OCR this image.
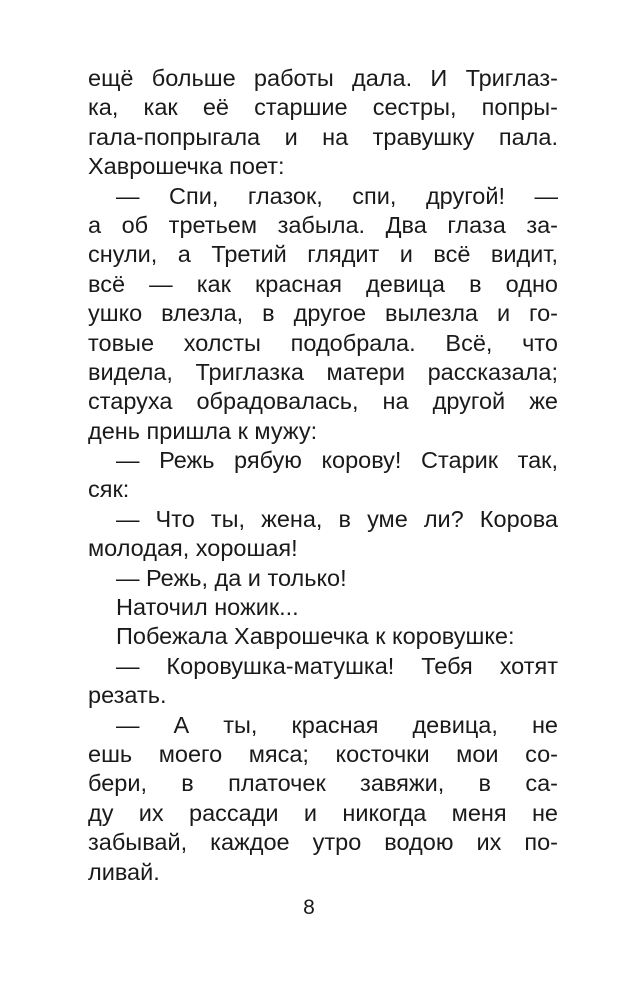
ещё больше работы дала. И Триглаз-
ка, как её старшие сестры, попры-
гала-попрыгала и на травушку пала.
Хаврошечка поет:
— Спи, глазок, спи, другой! —
а об третьем забыла. Два глаза за-
снули, а Третий глядит и всё видит,
всё — как красная девица в одно
ушко влезла, в другое вылезла и го-
товые холсты подобрала. Всё, что
видела, Триглазка матери рассказала;
старуха обрадовалась, на другой же
день пришла к мужу:
— Режь рябую корову! Старик так,
сяк:
— Что ты, жена, в уме ли? Корова
молодая, хорошая!
— Режь, да и только!
Наточил ножик...
Побежала Хаврошечка к коровушке:
— Коровушка-матушка! Тебя хотят
резать.
— А ты, красная девица, не
ешь моего мяса; косточки мои со-
бери, в платочек завяжи, в са-
ду их рассади и никогда меня не
забывай, каждое утро водою их по-
ливай.
8
